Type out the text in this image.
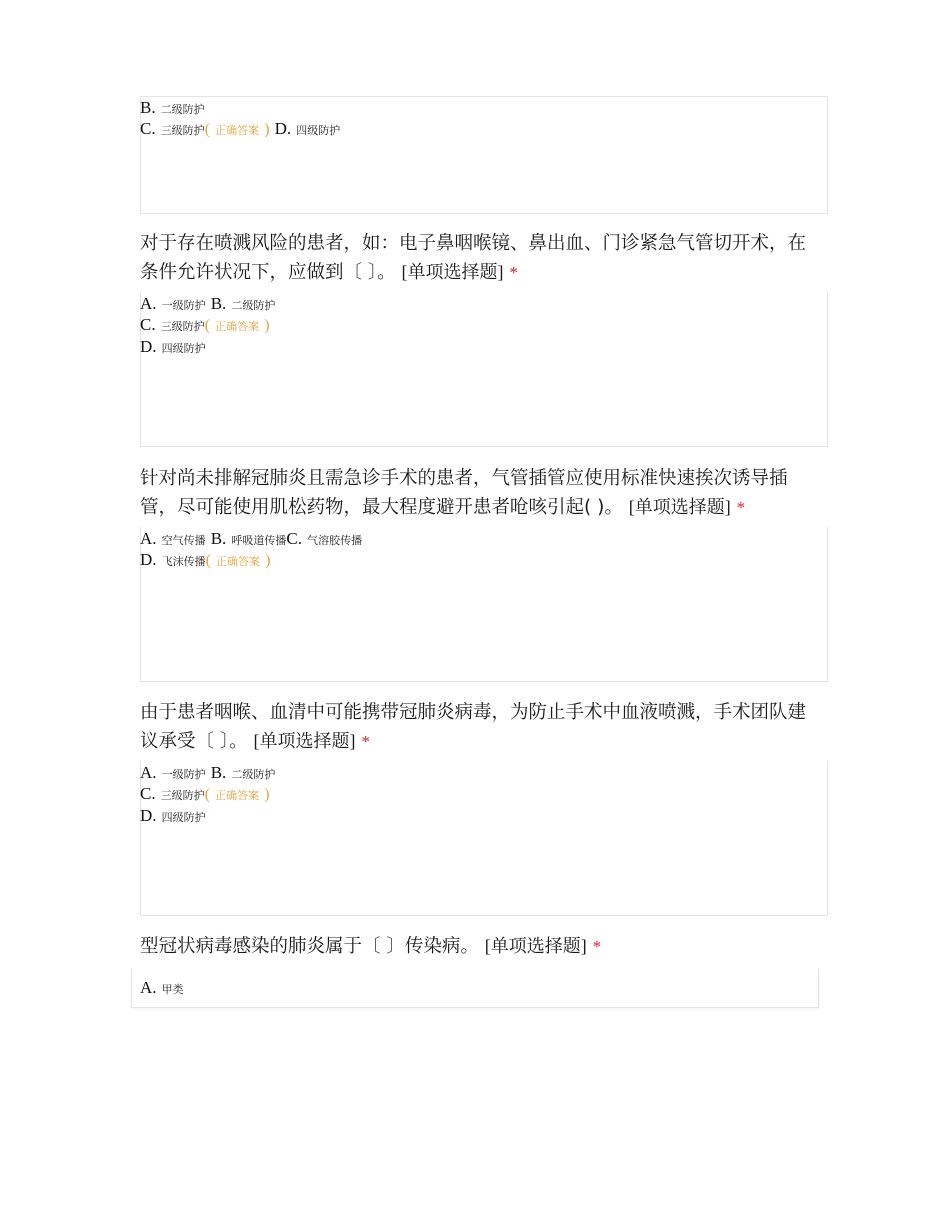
B. 二级防护
C. 三级防护( 正确答案 ) D. 四级防护
对于存在喷溅风险的患者，如：电子鼻咽喉镜、鼻出血、门诊紧急气管切开术，在
条件允许状况下，应做到〔 〕。 [单项选择题] *
A. 一级防护 B. 二级防护
C. 三级防护( 正确答案 )
D. 四级防护
针对尚未排解冠肺炎且需急诊手术的患者，气管插管应使用标准快速挨次诱导插
管，尽可能使用肌松药物，最大程度避开患者呛咳引起( )。 [单项选择题] *
A. 空气传播 B. 呼吸道传播C. 气溶胶传播
D. 飞沫传播( 正确答案 )
由于患者咽喉、血清中可能携带冠肺炎病毒，为防止手术中血液喷溅，手术团队建
议承受〔 〕。 [单项选择题] *
A. 一级防护 B. 二级防护
C. 三级防护( 正确答案 )
D. 四级防护
型冠状病毒感染的肺炎属于〔 〕传染病。 [单项选择题] *
A. 甲类
